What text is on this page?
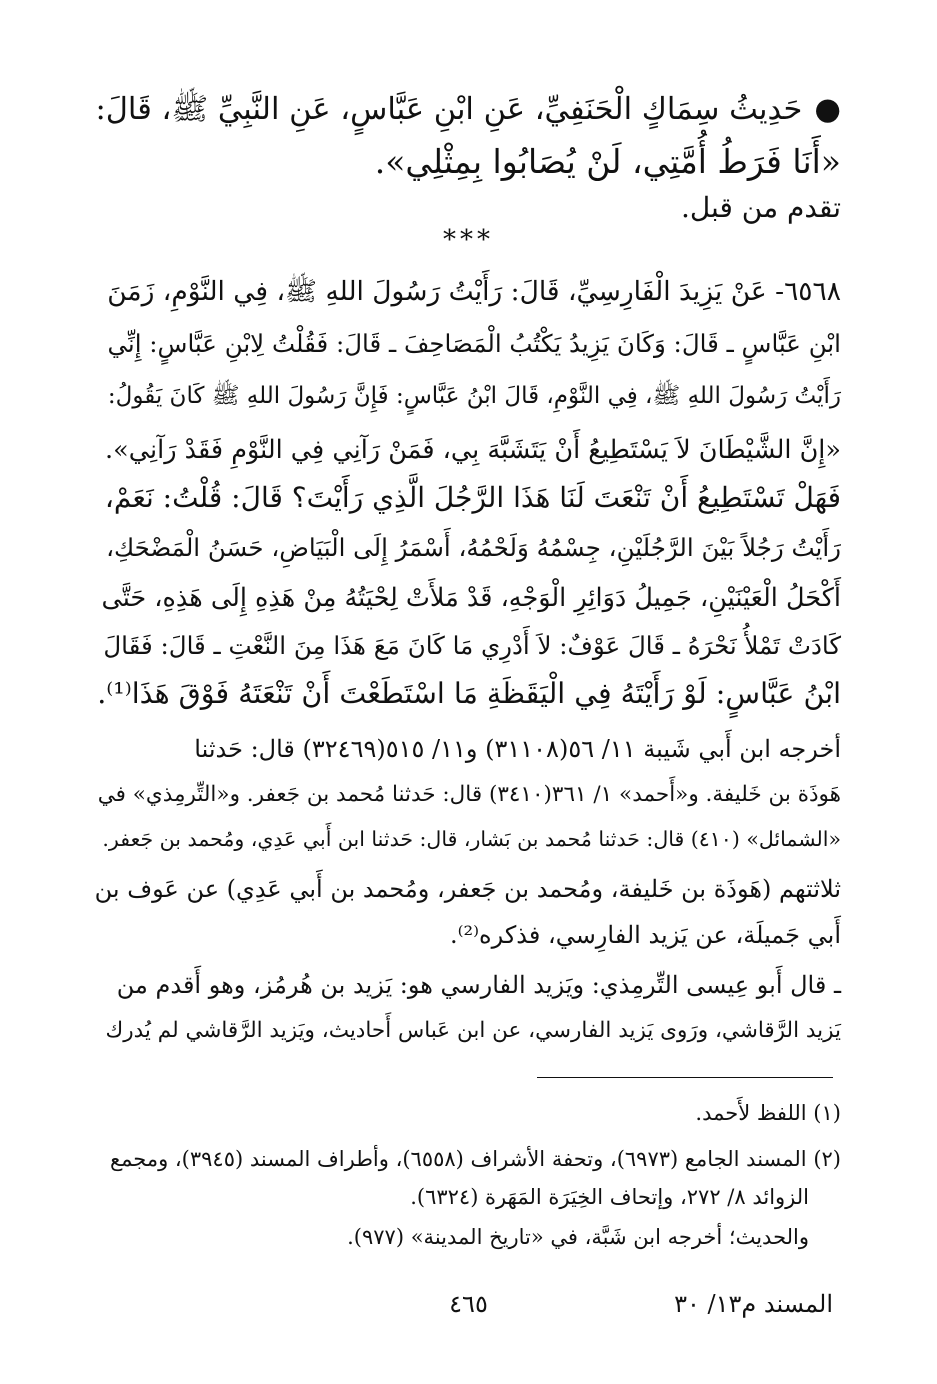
●حَدِيثُ سِمَاكٍ الْحَنَفِيِّ، عَنِ ابْنِ عَبَّاسٍ، عَنِ النَّبِيِّ ﷺ، قَالَ:
«أَنَا فَرَطُ أُمَّتِي، لَنْ يُصَابُوا بِمِثْلِي».
تقدم من قبل.
***
٦٥٦٨- عَنْ يَزِيدَ الْفَارِسِيِّ، قَالَ: رَأَيْتُ رَسُولَ اللهِ ﷺ، فِي النَّوْمِ، زَمَنَ
ابْنِ عَبَّاسٍ ـ قَالَ: وَكَانَ يَزِيدُ يَكْتُبُ الْمَصَاحِفَ ـ قَالَ: فَقُلْتُ لِابْنِ عَبَّاسٍ: إِنِّي
رَأَيْتُ رَسُولَ اللهِ ﷺ، فِي النَّوْمِ، قَالَ ابْنُ عَبَّاسٍ: فَإِنَّ رَسُولَ اللهِ ﷺ كَانَ يَقُولُ:
«إِنَّ الشَّيْطَانَ لاَ يَسْتَطِيعُ أَنْ يَتَشَبَّهَ بِي، فَمَنْ رَآنِي فِي النَّوْمِ فَقَدْ رَآنِي».
فَهَلْ تَسْتَطِيعُ أَنْ تَنْعَتَ لَنَا هَذَا الرَّجُلَ الَّذِي رَأَيْتَ؟ قَالَ: قُلْتُ: نَعَمْ،
رَأَيْتُ رَجُلاً بَيْنَ الرَّجُلَيْنِ، جِسْمُهُ وَلَحْمُهُ، أَسْمَرُ إِلَى الْبَيَاضِ، حَسَنُ الْمَضْحَكِ،
أَكْحَلُ الْعَيْنَيْنِ، جَمِيلُ دَوَائِرِ الْوَجْهِ، قَدْ مَلأَتْ لِحْيَتُهُ مِنْ هَذِهِ إِلَى هَذِهِ، حَتَّى
كَادَتْ تَمْلأُ نَحْرَهُ ـ قَالَ عَوْفٌ: لاَ أَدْرِي مَا كَانَ مَعَ هَذَا مِنَ النَّعْتِ ـ قَالَ: فَقَالَ
ابْنُ عَبَّاسٍ: لَوْ رَأَيْتَهُ فِي الْيَقَظَةِ مَا اسْتَطَعْتَ أَنْ تَنْعَتَهُ فَوْقَ هَذَا⁽¹⁾.
أخرجه ابن أَبي شَيبة ١١/ ٥٦(٣١١٠٨) و١١/ ٥١٥(٣٢٤٦٩) قال: حَدثنا
هَوذَة بن خَليفة. و«أَحمد» ١/ ٣٦١(٣٤١٠) قال: حَدثنا مُحمد بن جَعفر. و«التِّرمِذي» في
«الشمائل» (٤١٠) قال: حَدثنا مُحمد بن بَشار، قال: حَدثنا ابن أَبي عَدِي، ومُحمد بن جَعفر.
ثلاثتهم (هَوذَة بن خَليفة، ومُحمد بن جَعفر، ومُحمد بن أَبي عَدِي) عن عَوف بن
أَبي جَميلَة، عن يَزيد الفارِسي، فذكره⁽²⁾.
ـ قال أَبو عِيسى التِّرمِذي: ويَزيد الفارسي هو: يَزيد بن هُرمُز، وهو أَقدم من
يَزيد الرَّقاشي، ورَوى يَزيد الفارسي، عن ابن عَباس أَحاديث، ويَزيد الرَّقاشي لم يُدرك
(١) اللفظ لأَحمد.
(٢) المسند الجامع (٦٩٧٣)، وتحفة الأشراف (٦٥٥٨)، وأطراف المسند (٣٩٤٥)، ومجمع
الزوائد ٨/ ٢٧٢، وإتحاف الخِيَرَة المَهَرة (٦٣٢٤).
والحديث؛ أخرجه ابن شَبَّة، في «تاريخ المدينة» (٩٧٧).
٤٦٥	المسند م١٣/ ٣٠
